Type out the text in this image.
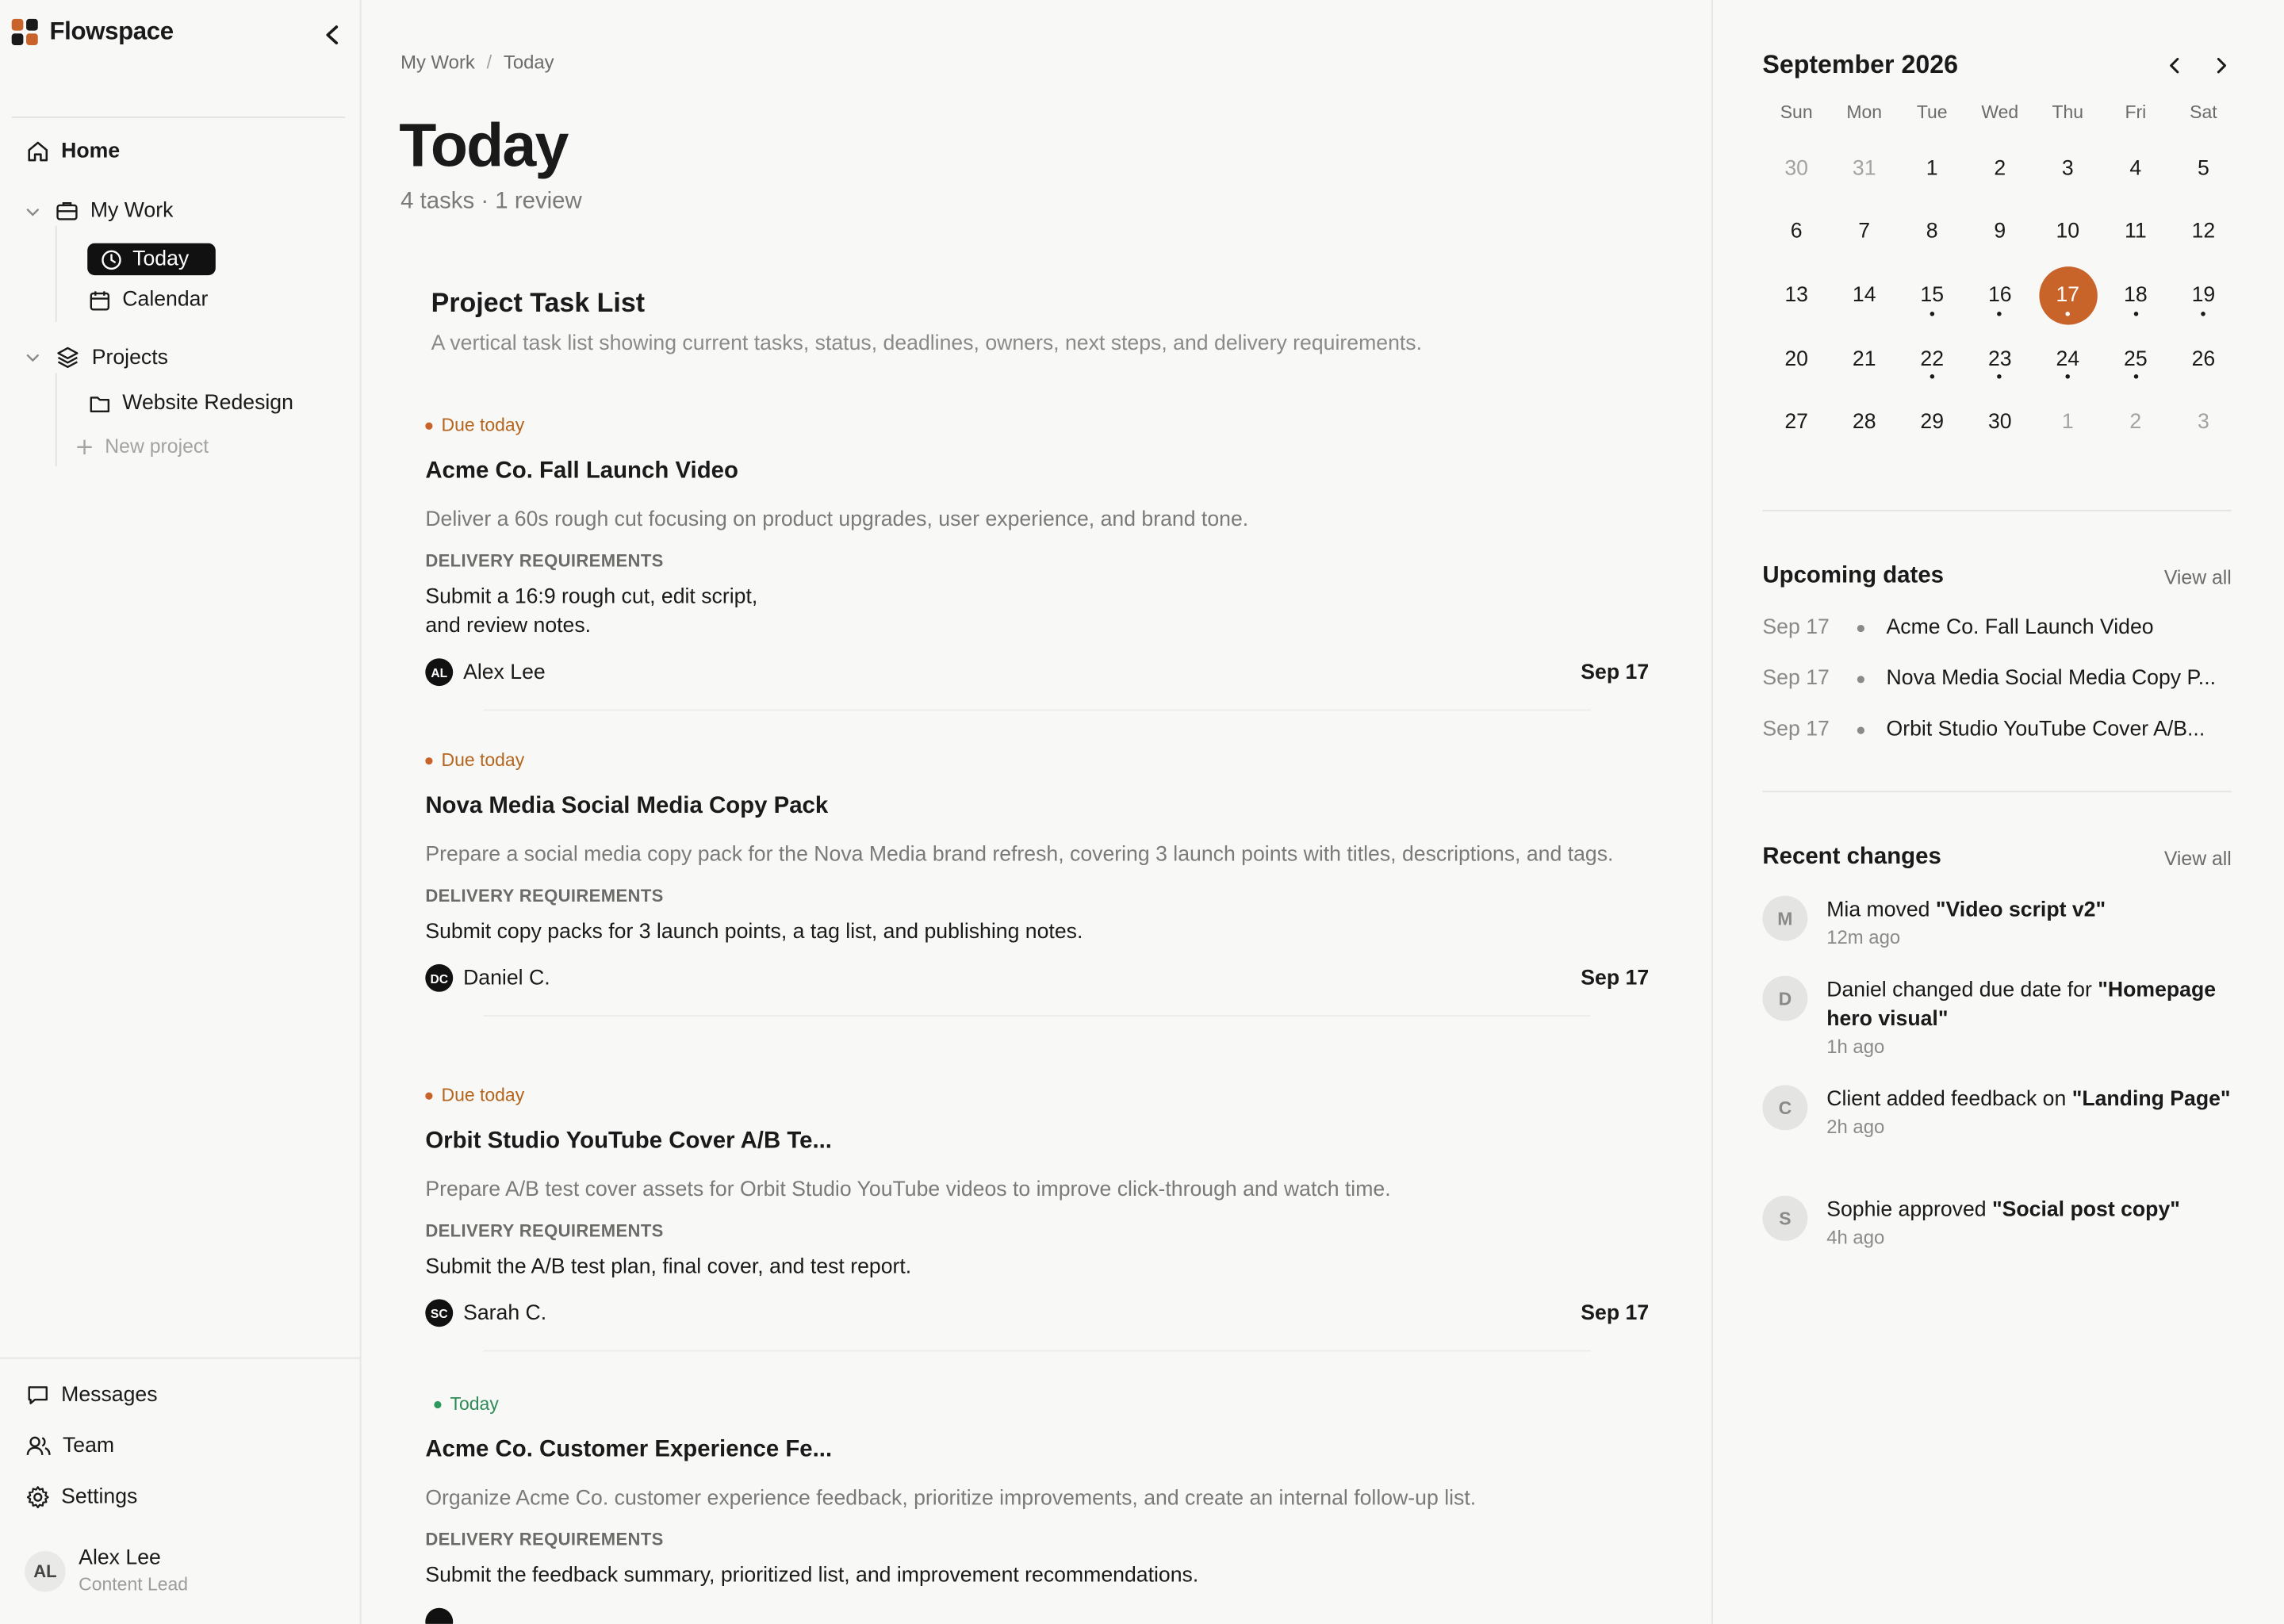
Flowspace
Home
My Work
Today
Calendar
Projects
Website Redesign
New project
Messages
Team
Settings
AL
Alex Lee
Content Lead
My Work / Today
Today
4 tasks · 1 review
Project Task List
A vertical task list showing current tasks, status, deadlines, owners, next steps, and delivery requirements.
Due today
Acme Co. Fall Launch Video
Deliver a 60s rough cut focusing on product upgrades, user experience, and brand tone.
DELIVERY REQUIREMENTS
Submit a 16:9 rough cut, edit script,
and review notes.
AL	Alex Lee	Sep 17
Due today
Nova Media Social Media Copy Pack
Prepare a social media copy pack for the Nova Media brand refresh, covering 3 launch points with titles, descriptions, and tags.
DELIVERY REQUIREMENTS
Submit copy packs for 3 launch points, a tag list, and publishing notes.
DC	Daniel C.	Sep 17
Due today
Orbit Studio YouTube Cover A/B Te...
Prepare A/B test cover assets for Orbit Studio YouTube videos to improve click-through and watch time.
DELIVERY REQUIREMENTS
Submit the A/B test plan, final cover, and test report.
SC	Sarah C.	Sep 17
Today
Acme Co. Customer Experience Fe...
Organize Acme Co. customer experience feedback, prioritize improvements, and create an internal follow-up list.
DELIVERY REQUIREMENTS
Submit the feedback summary, prioritized list, and improvement recommendations.
September 2026
Sun	Mon	Tue	Wed	Thu	Fri	Sat
30	31	1	2	3	4	5
6	7	8	9	10	11	12
13	14	15	16	17	18	19
20	21	22	23	24	25	26
27	28	29	30	1	2	3
Upcoming dates	View all
Sep 17	Acme Co. Fall Launch Video
Sep 17	Nova Media Social Media Copy P...
Sep 17	Orbit Studio YouTube Cover A/B...
Recent changes	View all
M	Mia moved "Video script v2"
12m ago
D	Daniel changed due date for "Homepage hero visual"
1h ago
C	Client added feedback on "Landing Page"
2h ago
S	Sophie approved "Social post copy"
4h ago
